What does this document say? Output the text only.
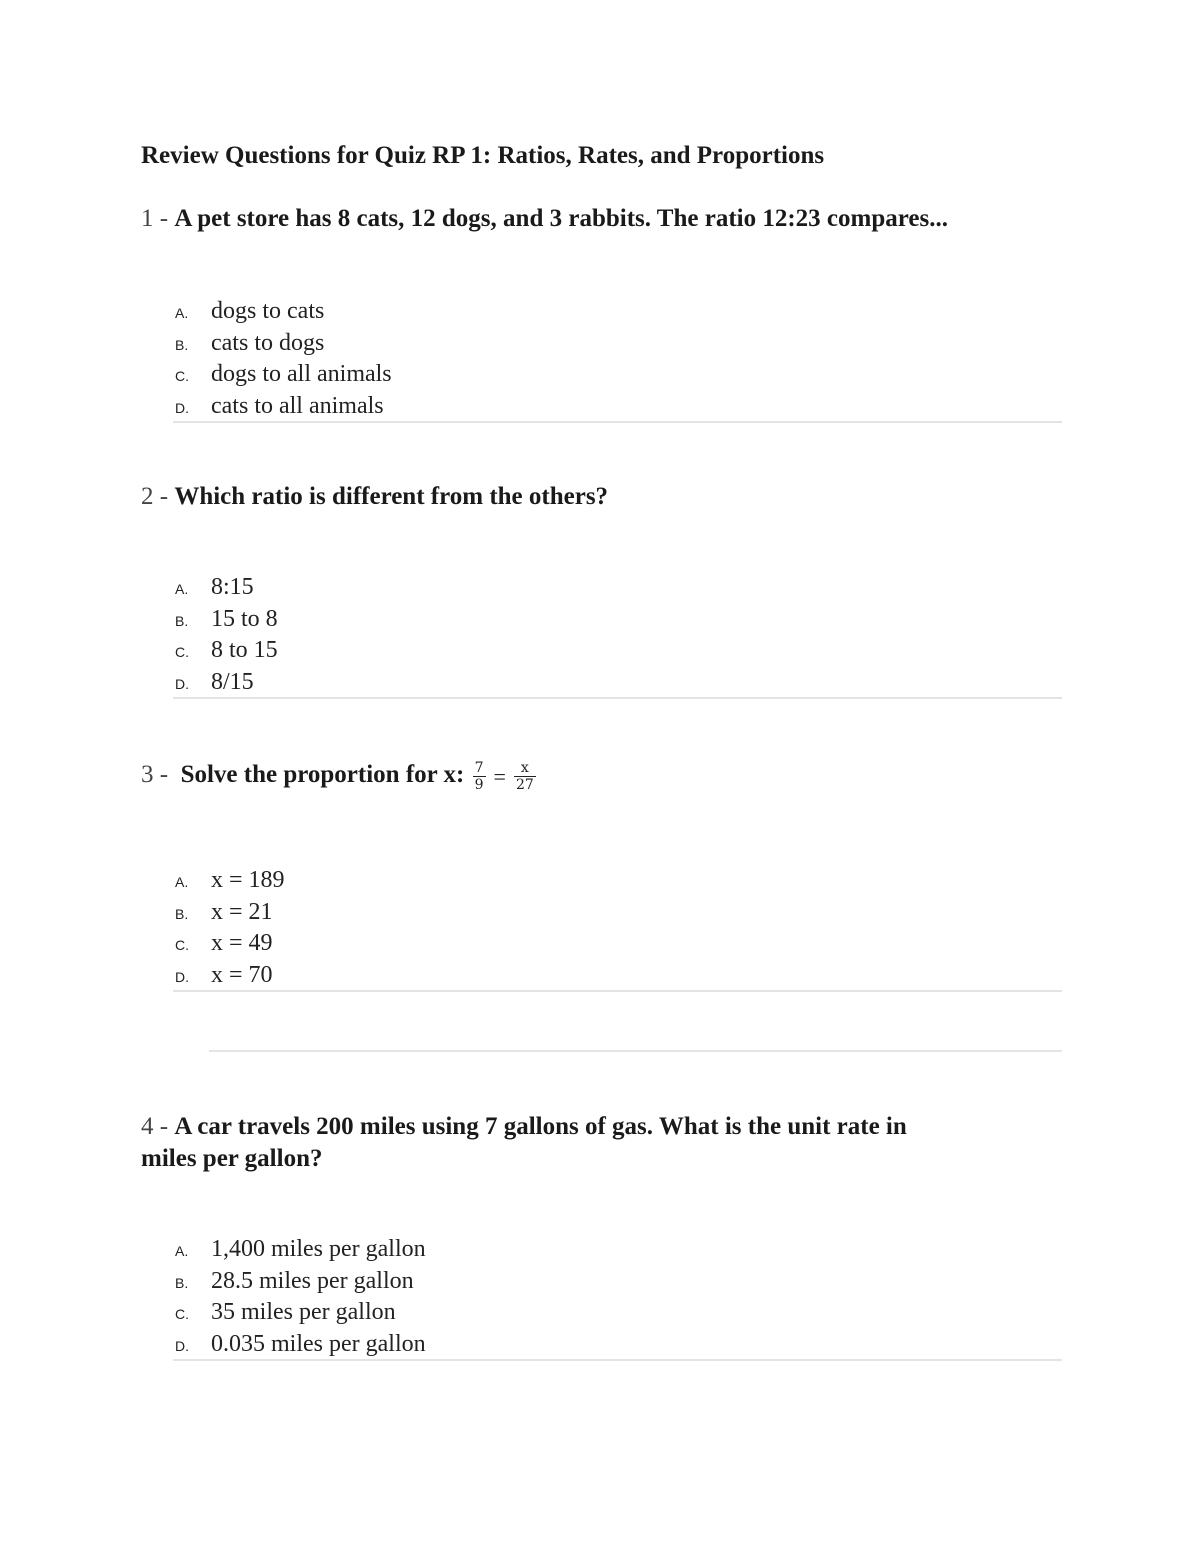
Review Questions for Quiz RP 1: Ratios, Rates, and Proportions
1 - A pet store has 8 cats, 12 dogs, and 3 rabbits. The ratio 12:23 compares...
A. dogs to cats
B. cats to dogs
C. dogs to all animals
D. cats to all animals
2 - Which ratio is different from the others?
A. 8:15
B. 15 to 8
C. 8 to 15
D. 8/15
3 -  Solve the proportion for x: $\frac{7}{9} = \frac{x}{27}$
A. x = 189
B. x = 21
C. x = 49
D. x = 70
4 - A car travels 200 miles using 7 gallons of gas. What is the unit rate in
miles per gallon?
A. 1,400 miles per gallon
B. 28.5 miles per gallon
C. 35 miles per gallon
D. 0.035 miles per gallon
